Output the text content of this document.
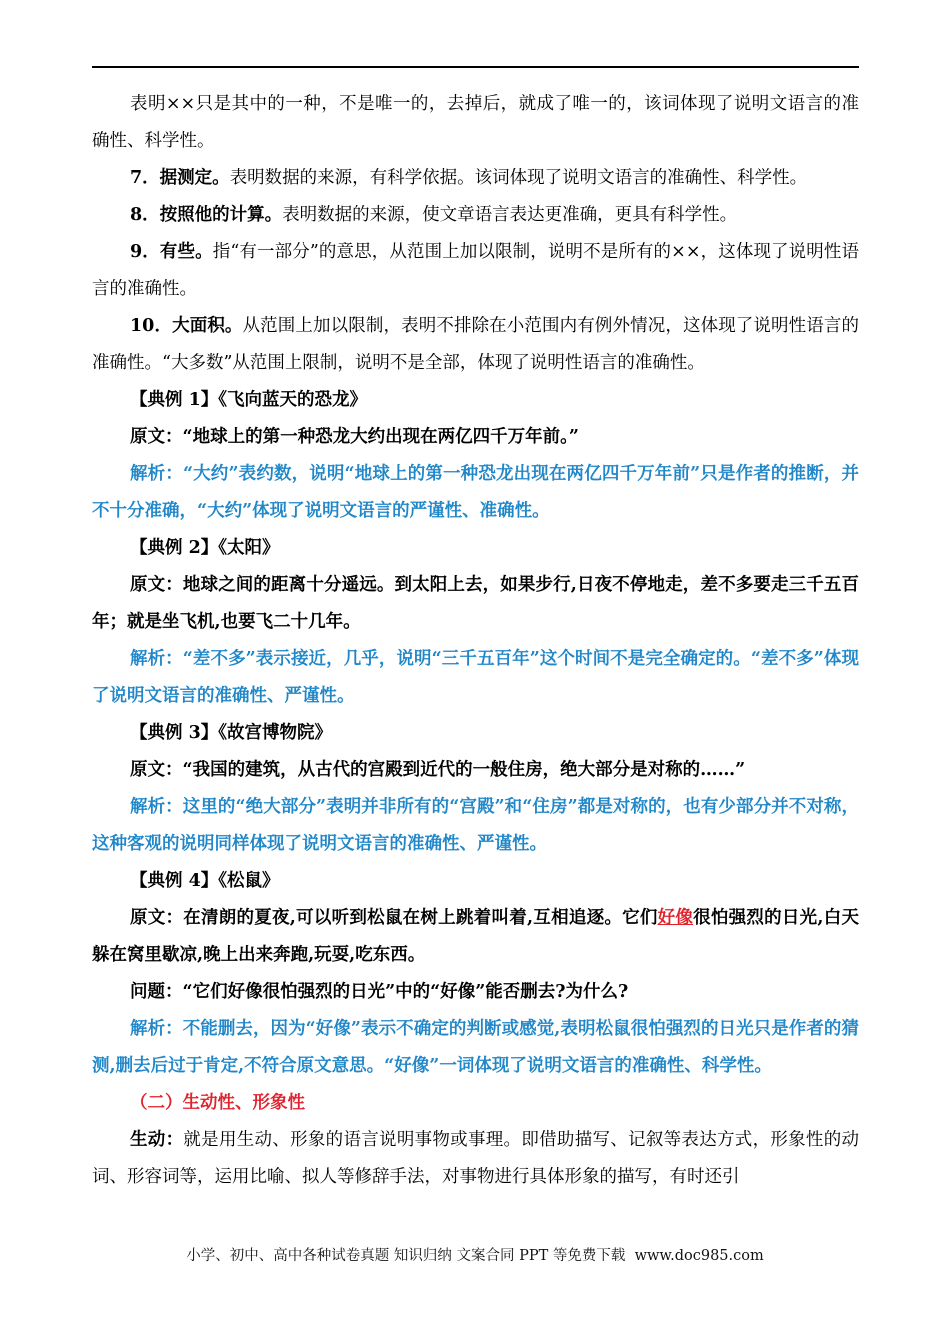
表明××只是其中的一种，不是唯一的，去掉后，就成了唯一的，该词体现了说明文语言的准确性、科学性。

7．据测定。表明数据的来源，有科学依据。该词体现了说明文语言的准确性、科学性。

8．按照他的计算。表明数据的来源，使文章语言表达更准确，更具有科学性。

9．有些。指“有一部分”的意思，从范围上加以限制，说明不是所有的××，这体现了说明性语言的准确性。

10．大面积。从范围上加以限制，表明不排除在小范围内有例外情况，这体现了说明性语言的准确性。“大多数”从范围上限制，说明不是全部，体现了说明性语言的准确性。

【典例 1】《飞向蓝天的恐龙》

原文：“地球上的第一种恐龙大约出现在两亿四千万年前。”

解析：“大约”表约数，说明“地球上的第一种恐龙出现在两亿四千万年前”只是作者的推断，并不十分准确，“大约”体现了说明文语言的严谨性、准确性。

【典例 2】《太阳》

原文：地球之间的距离十分遥远。到太阳上去，如果步行,日夜不停地走，差不多要走三千五百年；就是坐飞机,也要飞二十几年。

解析：“差不多”表示接近，几乎，说明“三千五百年”这个时间不是完全确定的。“差不多”体现了说明文语言的准确性、严谨性。

【典例 3】《故宫博物院》

原文：“我国的建筑，从古代的宫殿到近代的一般住房，绝大部分是对称的……”

解析：这里的“绝大部分”表明并非所有的“宫殿”和“住房”都是对称的，也有少部分并不对称，这种客观的说明同样体现了说明文语言的准确性、严谨性。

【典例 4】《松鼠》

原文：在清朗的夏夜,可以听到松鼠在树上跳着叫着,互相追逐。它们好像很怕强烈的日光,白天躲在窝里歇凉,晚上出来奔跑,玩耍,吃东西。

问题：“它们好像很怕强烈的日光”中的“好像”能否删去?为什么?

解析：不能删去，因为“好像”表示不确定的判断或感觉,表明松鼠很怕强烈的日光只是作者的猜测,删去后过于肯定,不符合原文意思。“好像”一词体现了说明文语言的准确性、科学性。

（二）生动性、形象性

生动：就是用生动、形象的语言说明事物或事理。即借助描写、记叙等表达方式，形象性的动词、形容词等，运用比喻、拟人等修辞手法，对事物进行具体形象的描写，有时还引

小学、初中、高中各种试卷真题 知识归纳 文案合同 PPT 等免费下载 www.doc985.com
